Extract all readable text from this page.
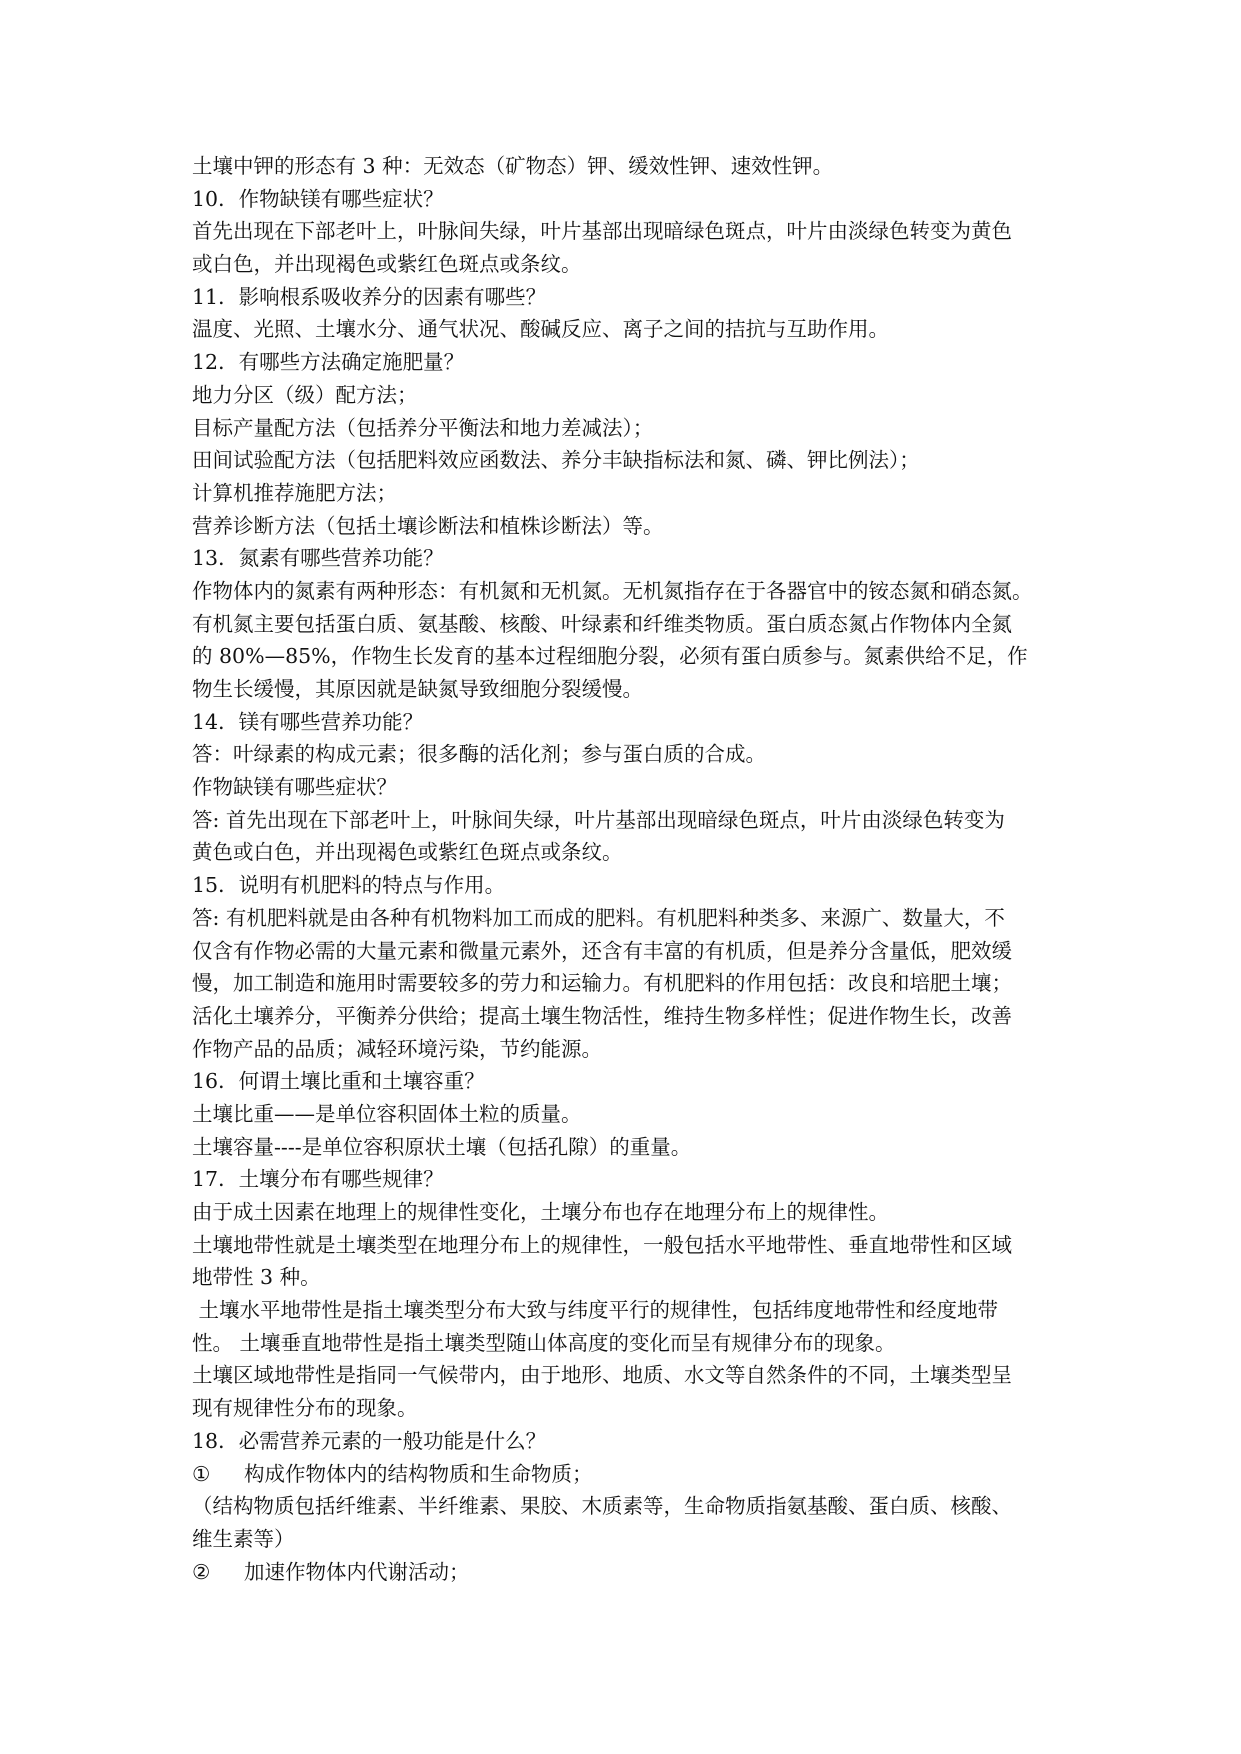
土壤中钾的形态有 3 种：无效态（矿物态）钾、缓效性钾、速效性钾。
10．作物缺镁有哪些症状？
首先出现在下部老叶上，叶脉间失绿，叶片基部出现暗绿色斑点，叶片由淡绿色转变为黄色
或白色，并出现褐色或紫红色斑点或条纹。
11．影响根系吸收养分的因素有哪些？
温度、光照、土壤水分、通气状况、酸碱反应、离子之间的拮抗与互助作用。
12．有哪些方法确定施肥量？
地力分区（级）配方法；
目标产量配方法（包括养分平衡法和地力差减法）；
田间试验配方法（包括肥料效应函数法、养分丰缺指标法和氮、磷、钾比例法）；
计算机推荐施肥方法；
营养诊断方法（包括土壤诊断法和植株诊断法）等。
13．氮素有哪些营养功能？
作物体内的氮素有两种形态：有机氮和无机氮。无机氮指存在于各器官中的铵态氮和硝态氮。
有机氮主要包括蛋白质、氨基酸、核酸、叶绿素和纤维类物质。蛋白质态氮占作物体内全氮
的 80%—85%，作物生长发育的基本过程细胞分裂，必须有蛋白质参与。氮素供给不足，作
物生长缓慢，其原因就是缺氮导致细胞分裂缓慢。
14．镁有哪些营养功能？
答：叶绿素的构成元素；很多酶的活化剂；参与蛋白质的合成。
作物缺镁有哪些症状？
答: 首先出现在下部老叶上，叶脉间失绿，叶片基部出现暗绿色斑点，叶片由淡绿色转变为
黄色或白色，并出现褐色或紫红色斑点或条纹。
15．说明有机肥料的特点与作用。
答: 有机肥料就是由各种有机物料加工而成的肥料。有机肥料种类多、来源广、数量大，不
仅含有作物必需的大量元素和微量元素外，还含有丰富的有机质，但是养分含量低，肥效缓
慢，加工制造和施用时需要较多的劳力和运输力。有机肥料的作用包括：改良和培肥土壤；
活化土壤养分，平衡养分供给；提高土壤生物活性，维持生物多样性；促进作物生长，改善
作物产品的品质；减轻环境污染，节约能源。
16．何谓土壤比重和土壤容重？
土壤比重——是单位容积固体土粒的质量。
土壤容量----是单位容积原状土壤（包括孔隙）的重量。
17．土壤分布有哪些规律？
由于成土因素在地理上的规律性变化，土壤分布也存在地理分布上的规律性。
土壤地带性就是土壤类型在地理分布上的规律性，一般包括水平地带性、垂直地带性和区域
地带性 3 种。
土壤水平地带性是指土壤类型分布大致与纬度平行的规律性，包括纬度地带性和经度地带
性。 土壤垂直地带性是指土壤类型随山体高度的变化而呈有规律分布的现象。
土壤区域地带性是指同一气候带内，由于地形、地质、水文等自然条件的不同，土壤类型呈
现有规律性分布的现象。
18．必需营养元素的一般功能是什么？
①	构成作物体内的结构物质和生命物质；
（结构物质包括纤维素、半纤维素、果胶、木质素等，生命物质指氨基酸、蛋白质、核酸、
维生素等）
②	加速作物体内代谢活动；
